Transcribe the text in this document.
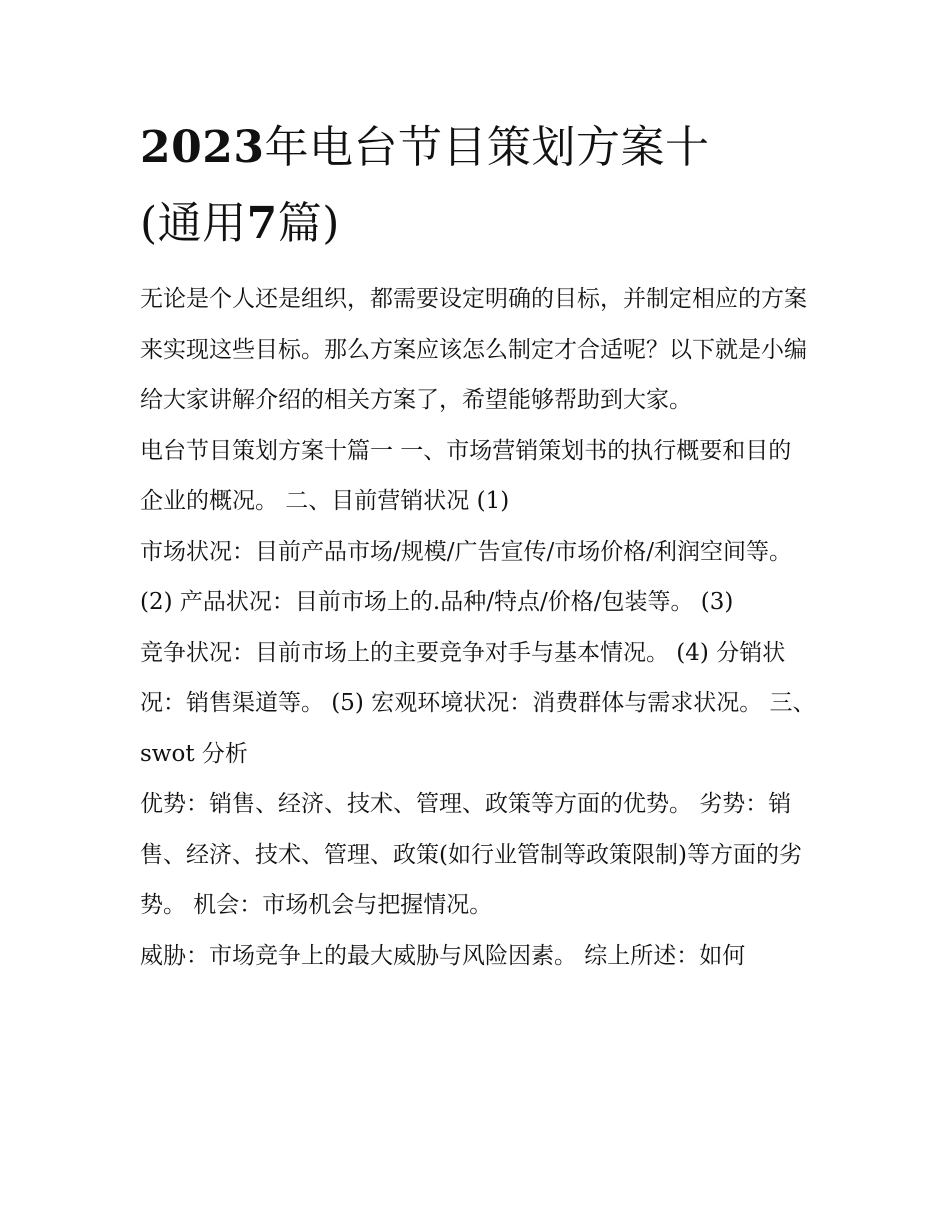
2023年电台节目策划方案十
(通用7篇)

无论是个人还是组织，都需要设定明确的目标，并制定相应的方案来实现这些目标。那么方案应该怎么制定才合适呢？以下就是小编给大家讲解介绍的相关方案了，希望能够帮助到大家。

电台节目策划方案十篇一 一、市场营销策划书的执行概要和目的 企业的概况。 二、目前营销状况 (1)

市场状况：目前产品市场/规模/广告宣传/市场价格/利润空间等。 (2) 产品状况：目前市场上的.品种/特点/价格/包装等。 (3)

竞争状况：目前市场上的主要竞争对手与基本情况。 (4) 分销状况：销售渠道等。 (5) 宏观环境状况：消费群体与需求状况。 三、swot 分析

优势：销售、经济、技术、管理、政策等方面的优势。 劣势：销售、经济、技术、管理、政策(如行业管制等政策限制)等方面的劣势。 机会：市场机会与把握情况。

威胁：市场竞争上的最大威胁与风险因素。 综上所述：如何
